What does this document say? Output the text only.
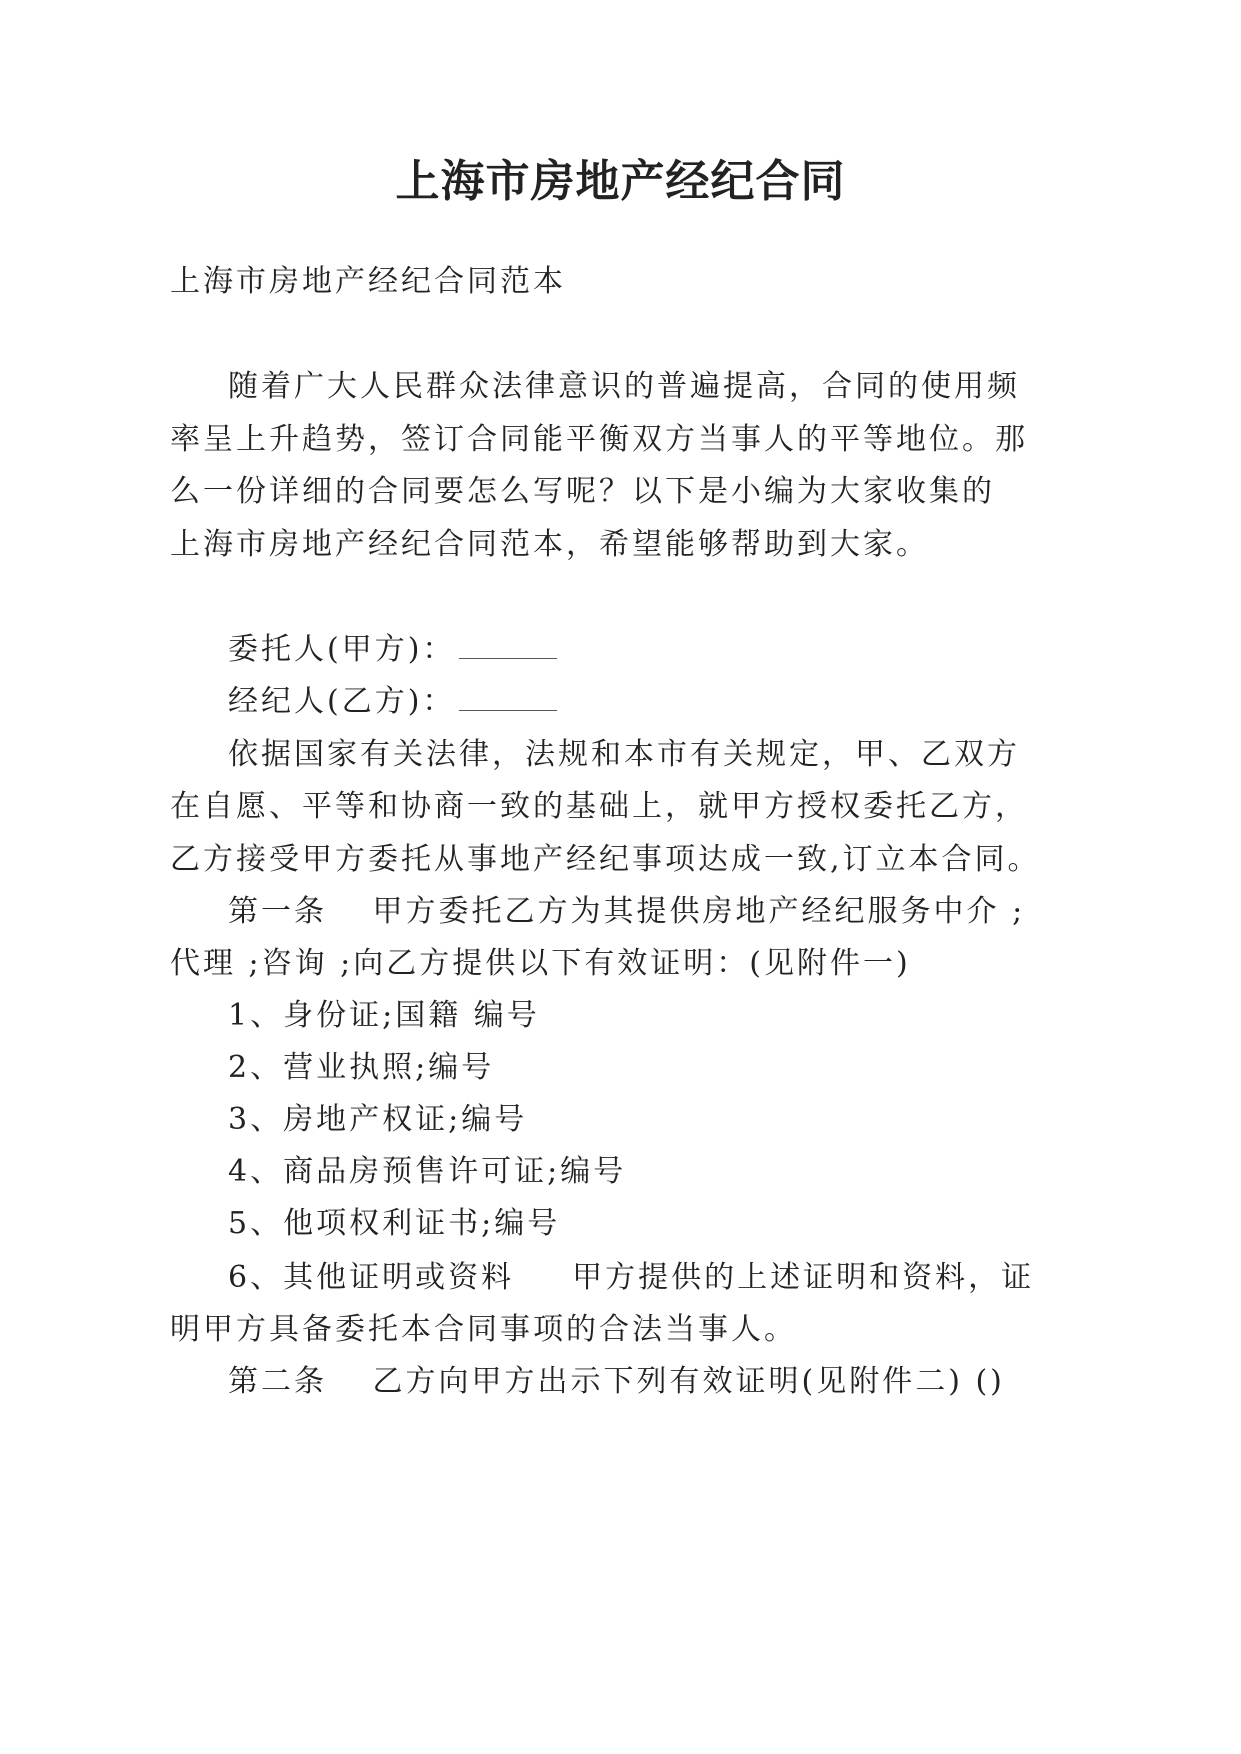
上海市房地产经纪合同

上海市房地产经纪合同范本

随着广大人民群众法律意识的普遍提高，合同的使用频

率呈上升趋势，签订合同能平衡双方当事人的平等地位。那

么一份详细的合同要怎么写呢？以下是小编为大家收集的

上海市房地产经纪合同范本，希望能够帮助到大家。

委托人(甲方)：

经纪人(乙方)：

依据国家有关法律，法规和本市有关规定，甲、乙双方

在自愿、平等和协商一致的基础上，就甲方授权委托乙方，

乙方接受甲方委托从事地产经纪事项达成一致,订立本合同。

第一条　 甲方委托乙方为其提供房地产经纪服务中介 ;

代理 ;咨询 ;向乙方提供以下有效证明：(见附件一)

1、身份证;国籍 编号

2、营业执照;编号

3、房地产权证;编号

4、商品房预售许可证;编号

5、他项权利证书;编号

6、其他证明或资料 　 甲方提供的上述证明和资料，证

明甲方具备委托本合同事项的合法当事人。

第二条　 乙方向甲方出示下列有效证明(见附件二) ()
